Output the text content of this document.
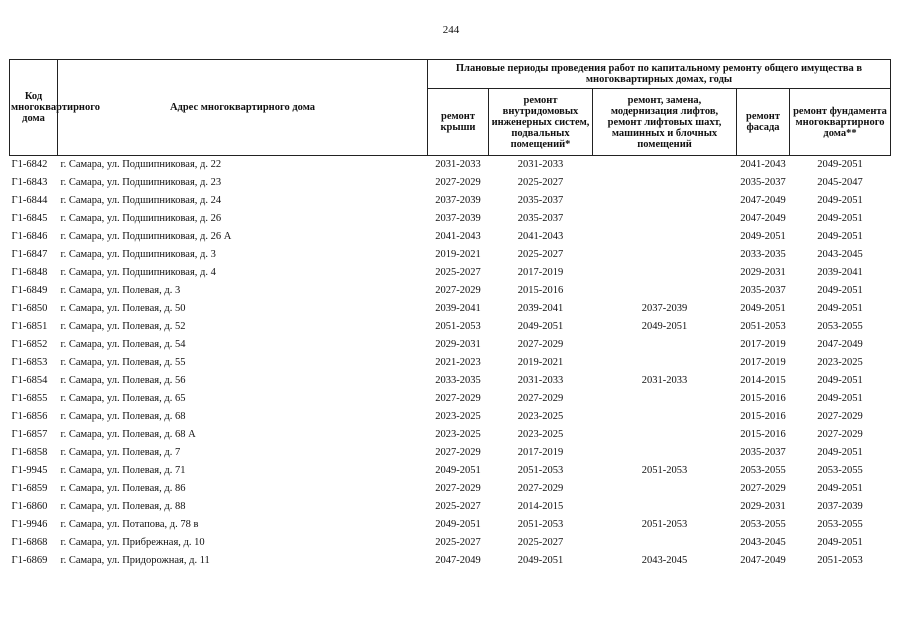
244
Код многоквартирного дома	Адрес многоквартирного дома	Плановые периоды проведения работ по капитальному ремонту общего имущества в многоквартирных домах, годы				
		ремонт крыши	ремонт внутридомовых инженерных систем, подвальных помещений*	ремонт, замена, модернизация лифтов, ремонт лифтовых шахт, машинных и блочных помещений	ремонт фасада	ремонт фундамента многоквартирного дома**
Г1-6842	г. Самара, ул. Подшипниковая, д. 22	2031-2033	2031-2033		2041-2043	2049-2051
Г1-6843	г. Самара, ул. Подшипниковая, д. 23	2027-2029	2025-2027		2035-2037	2045-2047
Г1-6844	г. Самара, ул. Подшипниковая, д. 24	2037-2039	2035-2037		2047-2049	2049-2051
Г1-6845	г. Самара, ул. Подшипниковая, д. 26	2037-2039	2035-2037		2047-2049	2049-2051
Г1-6846	г. Самара, ул. Подшипниковая, д. 26 А	2041-2043	2041-2043		2049-2051	2049-2051
Г1-6847	г. Самара, ул. Подшипниковая, д. 3	2019-2021	2025-2027		2033-2035	2043-2045
Г1-6848	г. Самара, ул. Подшипниковая, д. 4	2025-2027	2017-2019		2029-2031	2039-2041
Г1-6849	г. Самара, ул. Полевая, д. 3	2027-2029	2015-2016		2035-2037	2049-2051
Г1-6850	г. Самара, ул. Полевая, д. 50	2039-2041	2039-2041	2037-2039	2049-2051	2049-2051
Г1-6851	г. Самара, ул. Полевая, д. 52	2051-2053	2049-2051	2049-2051	2051-2053	2053-2055
Г1-6852	г. Самара, ул. Полевая, д. 54	2029-2031	2027-2029		2017-2019	2047-2049
Г1-6853	г. Самара, ул. Полевая, д. 55	2021-2023	2019-2021		2017-2019	2023-2025
Г1-6854	г. Самара, ул. Полевая, д. 56	2033-2035	2031-2033	2031-2033	2014-2015	2049-2051
Г1-6855	г. Самара, ул. Полевая, д. 65	2027-2029	2027-2029		2015-2016	2049-2051
Г1-6856	г. Самара, ул. Полевая, д. 68	2023-2025	2023-2025		2015-2016	2027-2029
Г1-6857	г. Самара, ул. Полевая, д. 68 А	2023-2025	2023-2025		2015-2016	2027-2029
Г1-6858	г. Самара, ул. Полевая, д. 7	2027-2029	2017-2019		2035-2037	2049-2051
Г1-9945	г. Самара, ул. Полевая, д. 71	2049-2051	2051-2053	2051-2053	2053-2055	2053-2055
Г1-6859	г. Самара, ул. Полевая, д. 86	2027-2029	2027-2029		2027-2029	2049-2051
Г1-6860	г. Самара, ул. Полевая, д. 88	2025-2027	2014-2015		2029-2031	2037-2039
Г1-9946	г. Самара, ул. Потапова, д. 78 в	2049-2051	2051-2053	2051-2053	2053-2055	2053-2055
Г1-6868	г. Самара, ул. Прибрежная, д. 10	2025-2027	2025-2027		2043-2045	2049-2051
Г1-6869	г. Самара, ул. Придорожная, д. 11	2047-2049	2049-2051	2043-2045	2047-2049	2051-2053
